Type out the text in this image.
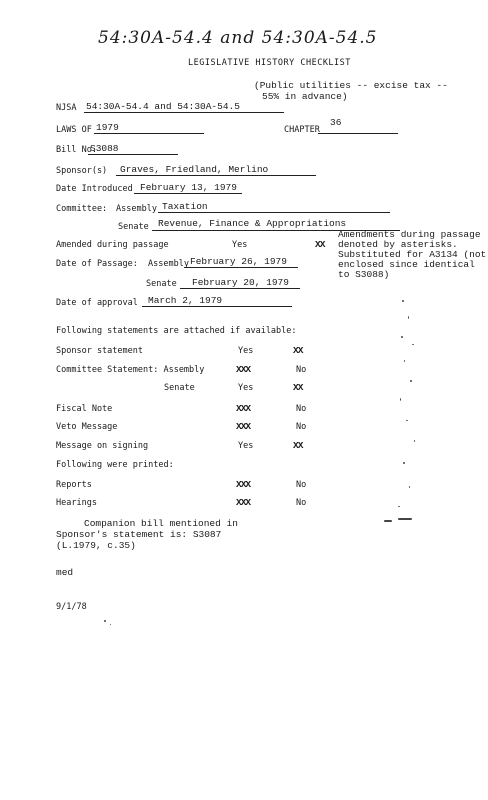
54:30A-54.4 and 54:30A-54.5
LEGISLATIVE HISTORY CHECKLIST
(Public utilities -- excise tax --
55% in advance)
NJSA 54:30A-54.4 and 54:30A-54.5
LAWS OF 1979	CHAPTER
36
Bill No.
S3088
Sponsor(s) Graves, Friedland, Merlino
Date Introduced February 13, 1979
Committee: Assembly Taxation
Senate Revenue, Finance & Appropriations
Amended during passage	Yes	XX
Amendments during passage
denoted by asterisks.
Substituted for A3134 (not
enclosed since identical
to S3088)
Date of Passage: Assembly February 26, 1979
Senate February 20, 1979
Date of approval March 2, 1979
Following statements are attached if available:
Sponsor statement	Yes	XX
Committee Statement: Assembly	XXX	No
Senate	Yes	XX
Fiscal Note	XXX	No
Veto Message	XXX	No
Message on signing	Yes	XX
Following were printed:
Reports	XXX	No
Hearings	XXX	No
Companion bill mentioned in
Sponsor's statement is: S3087
(L.1979, c.35)
med
9/1/78
